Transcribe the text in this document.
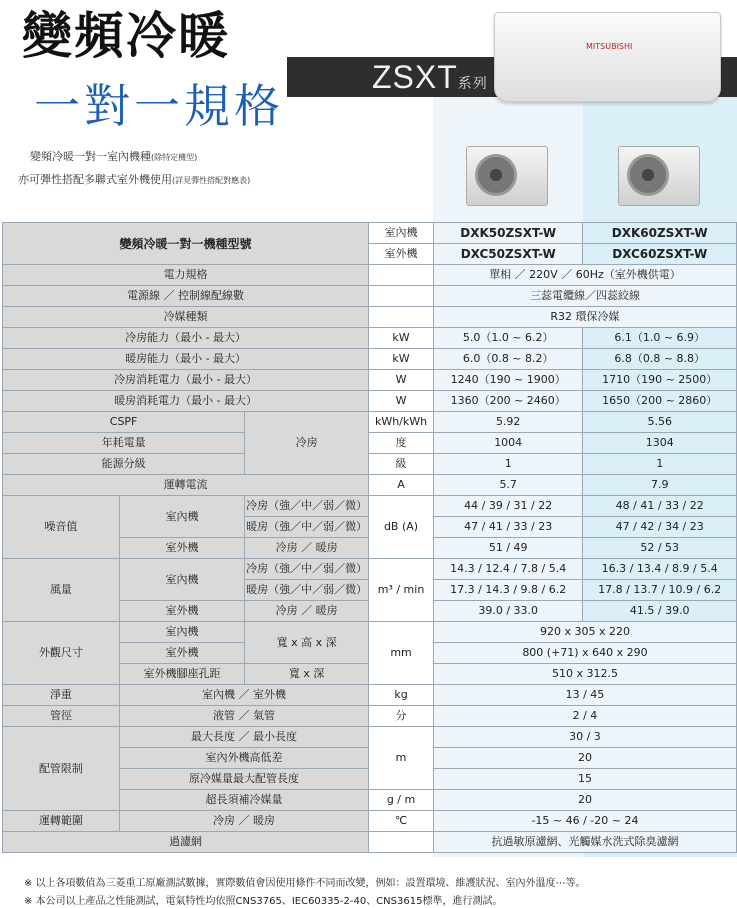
變頻冷暖
一對一規格
ZSXT系列
MITSUBISHI
變頻冷暖一對一室內機種(除特定機型)
亦可彈性搭配多聯式室外機使用(詳見彈性搭配對應表)
變頻冷暖一對一機種型號			室內機	DXK50ZSXT-W	DXK60ZSXT-W
			室外機	DXC50ZSXT-W	DXC60ZSXT-W
電力規格				單相 ／ 220V ／ 60Hz（室外機供電）	
電源線 ／ 控制線配線數				三蕊電纜線／四蕊絞線	
冷媒種類				R32 環保冷媒	
冷房能力（最小 - 最大）			kW	5.0（1.0 ~ 6.2）	6.1（1.0 ~ 6.9）
暖房能力（最小 - 最大）			kW	6.0（0.8 ~ 8.2）	6.8（0.8 ~ 8.8）
冷房消耗電力（最小 - 最大）			W	1240（190 ~ 1900）	1710（190 ~ 2500）
暖房消耗電力（最小 - 最大）			W	1360（200 ~ 2460）	1650（200 ~ 2860）
CSPF		冷房	kWh/kWh	5.92	5.56
年耗電量			度	1004	1304
能源分級			級	1	1
運轉電流			A	5.7	7.9
噪音值	室內機	冷房（強／中／弱／微）	dB (A)	44 / 39 / 31 / 22	48 / 41 / 33 / 22
		暖房（強／中／弱／微）		47 / 41 / 33 / 23	47 / 42 / 34 / 23
	室外機	冷房 ／ 暖房		51 / 49	52 / 53
風量	室內機	冷房（強／中／弱／微）	m³ / min	14.3 / 12.4 / 7.8 / 5.4	16.3 / 13.4 / 8.9 / 5.4
		暖房（強／中／弱／微）		17.3 / 14.3 / 9.8 / 6.2	17.8 / 13.7 / 10.9 / 6.2
	室外機	冷房 ／ 暖房		39.0 / 33.0	41.5 / 39.0
外觀尺寸	室內機	寬 x 高 x 深	mm	920 x 305 x 220	
	室外機			800 (+71) x 640 x 290	
	室外機腳座孔距	寬 x 深		510 x 312.5	
淨重	室內機 ／ 室外機		kg	13 / 45	
管徑	液管 ／ 氣管		分	2 / 4	
配管限制	最大長度 ／ 最小長度		m	30 / 3	
	室內外機高低差			20	
	原冷媒量最大配管長度			15	
	超長須補冷媒量		g / m	20	
運轉範圍	冷房 ／ 暖房		℃	-15 ~ 46 / -20 ~ 24	
過濾網				抗過敏原濾網、光觸媒水洗式除臭濾網	
※ 以上各項數值為三菱重工原廠測試數據，實際數值會因使用條件不同而改變，例如：設置環境、維護狀況、室內外溫度⋯等。
※ 本公司以上產品之性能測試，電氣特性均依照CNS3765、IEC60335-2-40、CNS3615標準，進行測試。
